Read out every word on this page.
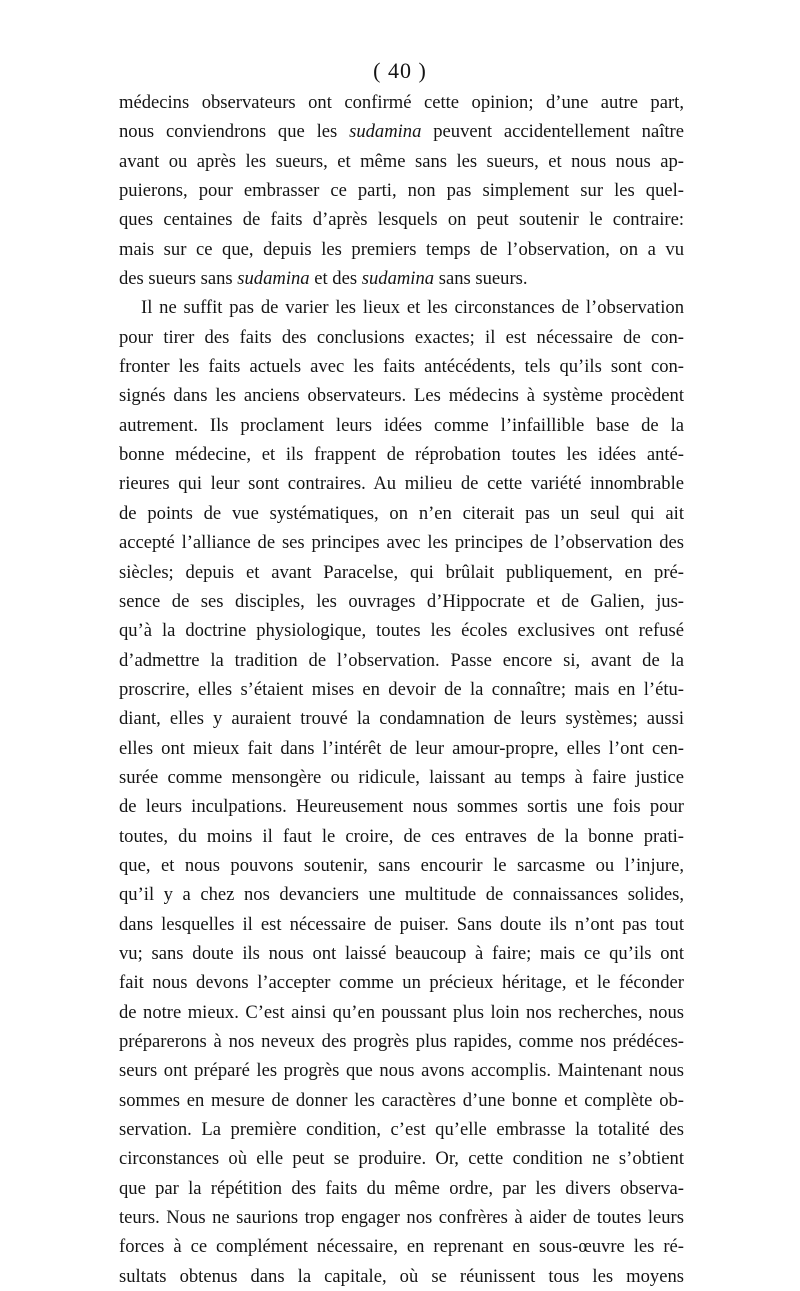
( 40 )
médecins observateurs ont confirmé cette opinion; d’une autre part,
nous conviendrons que les sudamina peuvent accidentellement naître
avant ou après les sueurs, et même sans les sueurs, et nous nous ap-
puierons, pour embrasser ce parti, non pas simplement sur les quel-
ques centaines de faits d’après lesquels on peut soutenir le contraire:
mais sur ce que, depuis les premiers temps de l’observation, on a vu
des sueurs sans sudamina et des sudamina sans sueurs.
Il ne suffit pas de varier les lieux et les circonstances de l’observation
pour tirer des faits des conclusions exactes; il est nécessaire de con-
fronter les faits actuels avec les faits antécédents, tels qu’ils sont con-
signés dans les anciens observateurs. Les médecins à système procèdent
autrement. Ils proclament leurs idées comme l’infaillible base de la
bonne médecine, et ils frappent de réprobation toutes les idées anté-
rieures qui leur sont contraires. Au milieu de cette variété innombrable
de points de vue systématiques, on n’en citerait pas un seul qui ait
accepté l’alliance de ses principes avec les principes de l’observation des
siècles; depuis et avant Paracelse, qui brûlait publiquement, en pré-
sence de ses disciples, les ouvrages d’Hippocrate et de Galien, jus-
qu’à la doctrine physiologique, toutes les écoles exclusives ont refusé
d’admettre la tradition de l’observation. Passe encore si, avant de la
proscrire, elles s’étaient mises en devoir de la connaître; mais en l’étu-
diant, elles y auraient trouvé la condamnation de leurs systèmes; aussi
elles ont mieux fait dans l’intérêt de leur amour-propre, elles l’ont cen-
surée comme mensongère ou ridicule, laissant au temps à faire justice
de leurs inculpations. Heureusement nous sommes sortis une fois pour
toutes, du moins il faut le croire, de ces entraves de la bonne prati-
que, et nous pouvons soutenir, sans encourir le sarcasme ou l’injure,
qu’il y a chez nos devanciers une multitude de connaissances solides,
dans lesquelles il est nécessaire de puiser. Sans doute ils n’ont pas tout
vu; sans doute ils nous ont laissé beaucoup à faire; mais ce qu’ils ont
fait nous devons l’accepter comme un précieux héritage, et le féconder
de notre mieux. C’est ainsi qu’en poussant plus loin nos recherches, nous
préparerons à nos neveux des progrès plus rapides, comme nos prédéces-
seurs ont préparé les progrès que nous avons accomplis. Maintenant nous
sommes en mesure de donner les caractères d’une bonne et complète ob-
servation. La première condition, c’est qu’elle embrasse la totalité des
circonstances où elle peut se produire. Or, cette condition ne s’obtient
que par la répétition des faits du même ordre, par les divers observa-
teurs. Nous ne saurions trop engager nos confrères à aider de toutes leurs
forces à ce complément nécessaire, en reprenant en sous-œuvre les ré-
sultats obtenus dans la capitale, où se réunissent tous les moyens
